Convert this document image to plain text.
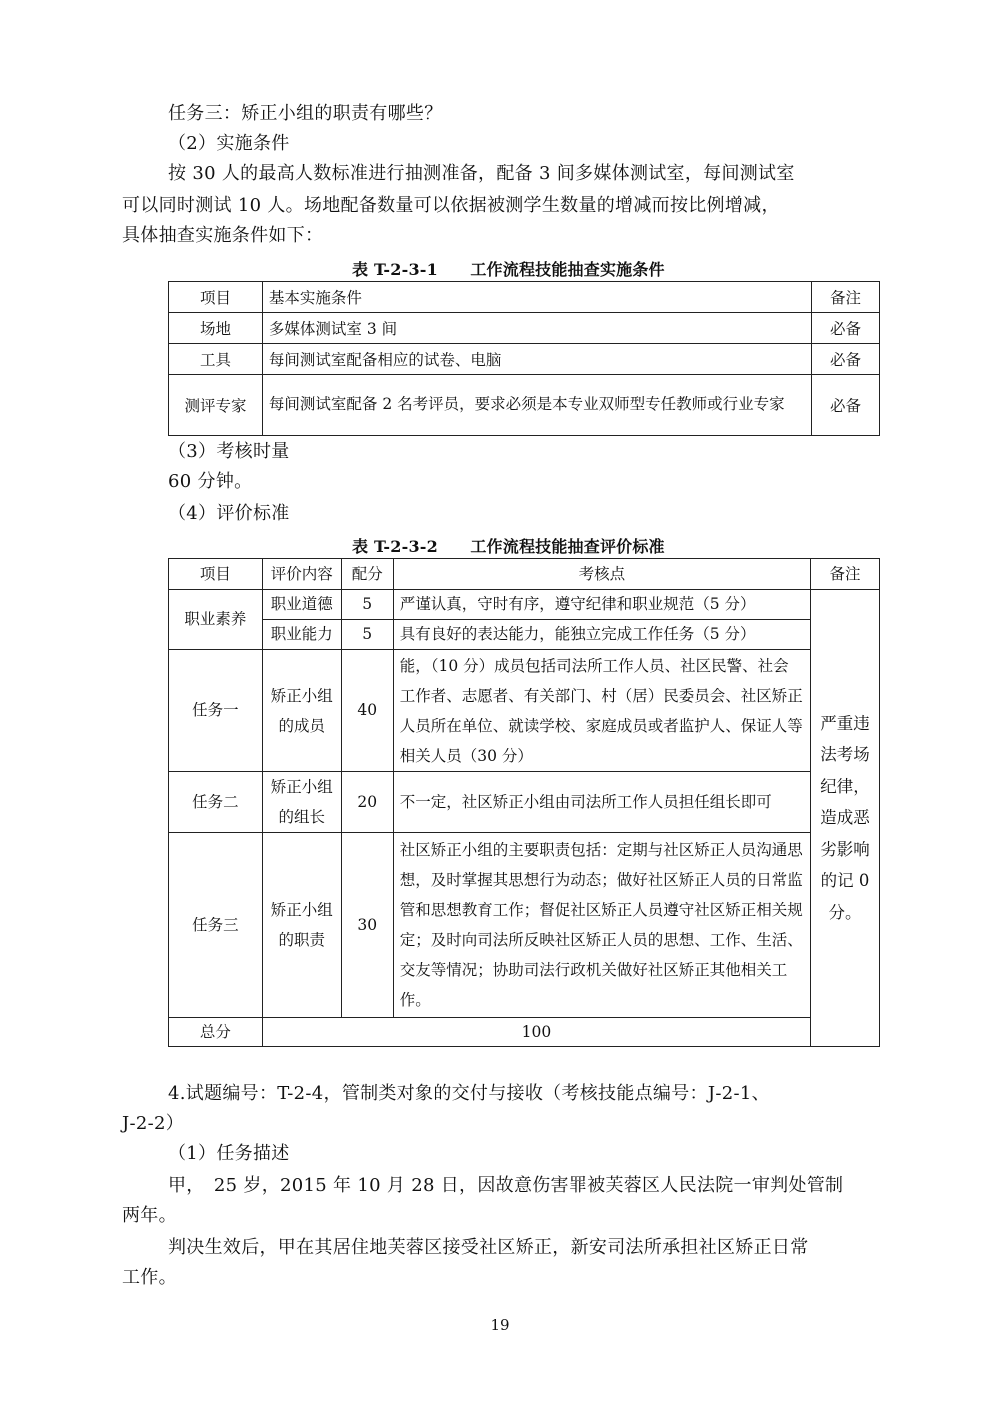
任务三：矫正小组的职责有哪些？
（2）实施条件
按 30 人的最高人数标准进行抽测准备，配备 3 间多媒体测试室，每间测试室
可以同时测试 10 人。场地配备数量可以依据被测学生数量的增减而按比例增减，
具体抽查实施条件如下：
表 T-2-3-1　　工作流程技能抽查实施条件
项目	基本实施条件	备注
场地	多媒体测试室 3 间	必备
工具	每间测试室配备相应的试卷、电脑	必备
测评专家	每间测试室配备 2 名考评员，要求必须是本专业双师型专任教师或行业专家	必备
（3）考核时量
60 分钟。
（4）评价标准
表 T-2-3-2　　工作流程技能抽查评价标准
项目	评价内容	配分	考核点	备注
职业素养	职业道德	5	严谨认真，守时有序，遵守纪律和职业规范（5 分）	严重违法考场纪律，造成恶劣影响的记 0 分。
	职业能力	5	具有良好的表达能力，能独立完成工作任务（5 分）	
任务一	矫正小组的成员	40	能，（10 分）成员包括司法所工作人员、社区民警、社会工作者、志愿者、有关部门、村（居）民委员会、社区矫正人员所在单位、就读学校、家庭成员或者监护人、保证人等相关人员（30 分）	
任务二	矫正小组的组长	20	不一定，社区矫正小组由司法所工作人员担任组长即可	
任务三	矫正小组的职责	30	社区矫正小组的主要职责包括：定期与社区矫正人员沟通思想，及时掌握其思想行为动态；做好社区矫正人员的日常监管和思想教育工作；督促社区矫正人员遵守社区矫正相关规定；及时向司法所反映社区矫正人员的思想、工作、生活、交友等情况；协助司法行政机关做好社区矫正其他相关工作。	
总分	100			
4.试题编号：T-2-4，管制类对象的交付与接收（考核技能点编号：J-2-1、
J-2-2）
（1）任务描述
甲，　25 岁，2015 年 10 月 28 日，因故意伤害罪被芙蓉区人民法院一审判处管制
两年。
判决生效后，甲在其居住地芙蓉区接受社区矫正，新安司法所承担社区矫正日常
工作。
19
